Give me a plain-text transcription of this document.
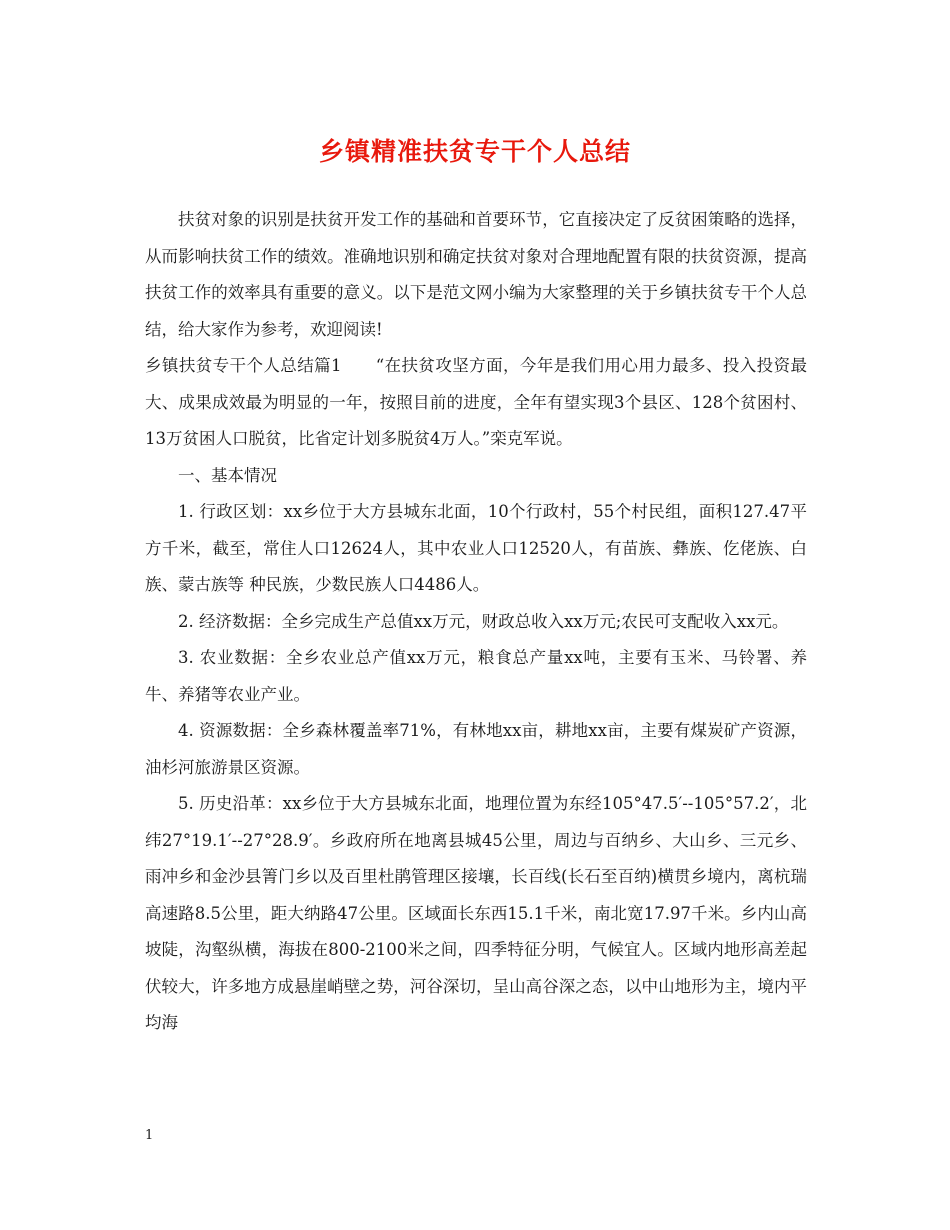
乡镇精准扶贫专干个人总结

扶贫对象的识别是扶贫开发工作的基础和首要环节，它直接决定了反贫困策略的选择，从而影响扶贫工作的绩效。准确地识别和确定扶贫对象对合理地配置有限的扶贫资源，提高扶贫工作的效率具有重要的意义。以下是范文网小编为大家整理的关于乡镇扶贫专干个人总结，给大家作为参考，欢迎阅读!

乡镇扶贫专干个人总结篇1　　“在扶贫攻坚方面，今年是我们用心用力最多、投入投资最大、成果成效最为明显的一年，按照目前的进度，全年有望实现3个县区、128个贫困村、13万贫困人口脱贫，比省定计划多脱贫4万人。”栾克军说。

一、基本情况

1. 行政区划：xx乡位于大方县城东北面，10个行政村，55个村民组，面积127.47平方千米，截至，常住人口12624人，其中农业人口12520人，有苗族、彝族、仡佬族、白族、蒙古族等 种民族，少数民族人口4486人。

2. 经济数据：全乡完成生产总值xx万元，财政总收入xx万元;农民可支配收入xx元。

3. 农业数据：全乡农业总产值xx万元，粮食总产量xx吨，主要有玉米、马铃署、养牛、养猪等农业产业。

4. 资源数据：全乡森林覆盖率71%，有林地xx亩，耕地xx亩，主要有煤炭矿产资源，油杉河旅游景区资源。

5. 历史沿革：xx乡位于大方县城东北面，地理位置为东经105°47.5′--105°57.2′，北纬27°19.1′--27°28.9′。乡政府所在地离县城45公里，周边与百纳乡、大山乡、三元乡、雨冲乡和金沙县箐门乡以及百里杜鹃管理区接壤，长百线(长石至百纳)横贯乡境内，离杭瑞高速路8.5公里，距大纳路47公里。区域面长东西15.1千米，南北宽17.97千米。乡内山高坡陡，沟壑纵横，海拔在800-2100米之间，四季特征分明，气候宜人。区域内地形高差起伏较大，许多地方成悬崖峭壁之势，河谷深切，呈山高谷深之态，以中山地形为主，境内平均海

1
